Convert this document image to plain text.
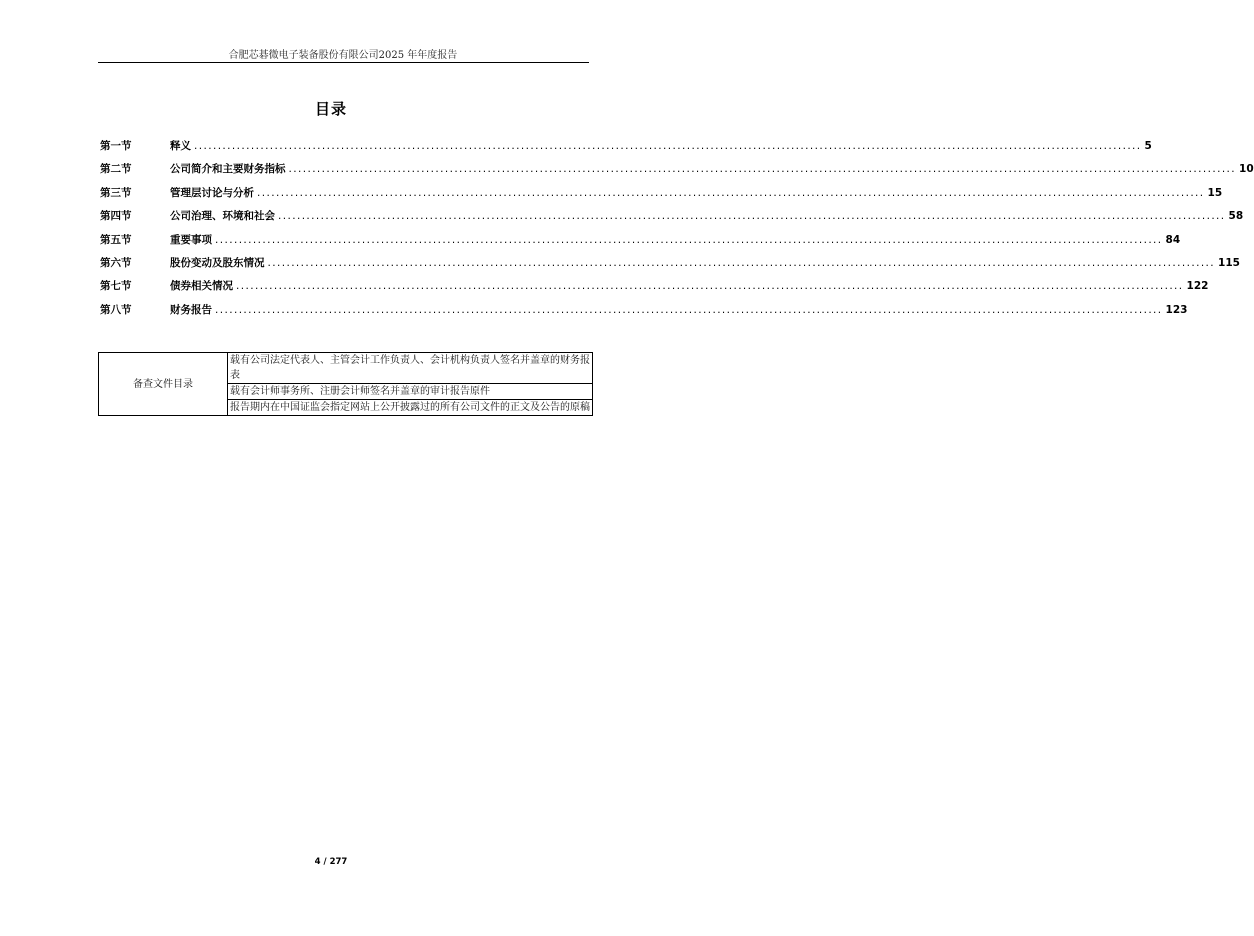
合肥芯碁微电子装备股份有限公司2025 年年度报告
目录
第一节	释义 ........................................................................................................................................................................................................ 5
第二节	公司简介和主要财务指标 ........................................................................................................................................................................................................ 10
第三节	管理层讨论与分析 ........................................................................................................................................................................................................ 15
第四节	公司治理、环境和社会 ........................................................................................................................................................................................................ 58
第五节	重要事项 ........................................................................................................................................................................................................ 84
第六节	股份变动及股东情况 ........................................................................................................................................................................................................ 115
第七节	债券相关情况 ........................................................................................................................................................................................................ 122
第八节	财务报告 ........................................................................................................................................................................................................ 123
备查文件目录	载有公司法定代表人、主管会计工作负责人、会计机构负责人签名并盖章的财务报表
载有会计师事务所、注册会计师签名并盖章的审计报告原件
报告期内在中国证监会指定网站上公开披露过的所有公司文件的正文及公告的原稿
4 / 277
